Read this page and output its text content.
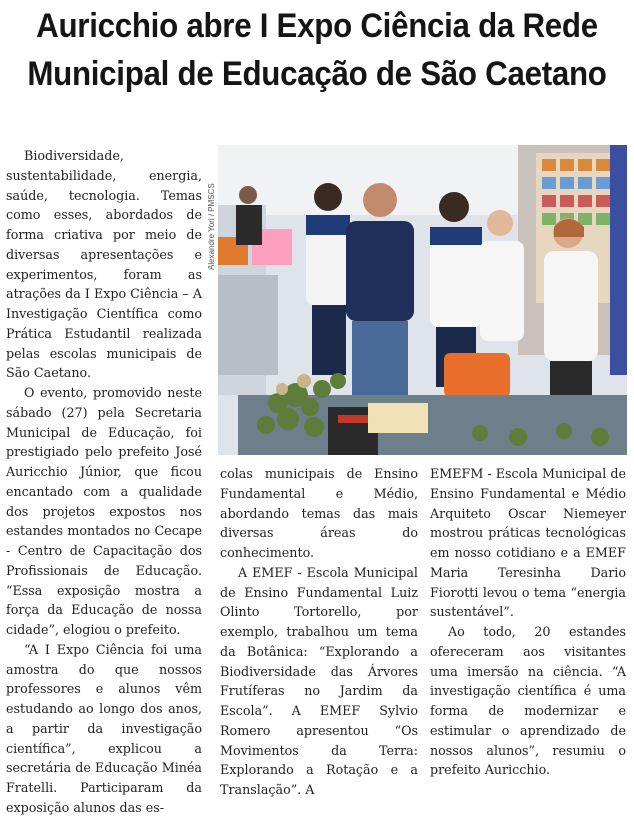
Auricchio abre I Expo Ciência da Rede
Municipal de Educação de São Caetano
Alexandre Yori / PMSCS

Biodiversidade, sustentabilidade, energia, saúde, tecnologia. Temas como esses, abordados de forma criativa por meio de diversas apresentações e experimentos, foram as atrações da I Expo Ciência – A Investigação Científica como Prática Estudantil realizada pelas escolas municipais de São Caetano.

O evento, promovido neste sábado (27) pela Secretaria Municipal de Educação, foi prestigiado pelo prefeito José Auricchio Júnior, que ficou encantado com a qualidade dos projetos expostos nos estandes montados no Cecape - Centro de Capacitação dos Profissionais de Educação. “Essa exposição mostra a força da Educação de nossa cidade”, elogiou o prefeito.

“A I Expo Ciência foi uma amostra do que nossos professores e alunos vêm estudando ao longo dos anos, a partir da investigação científica”, explicou a secretária de Educação Minéa Fratelli. Participaram da exposição alunos das es-

colas municipais de Ensino Fundamental e Médio, abordando temas das mais diversas áreas do conhecimento.

A EMEF - Escola Municipal de Ensino Fundamental Luiz Olinto Tortorello, por exemplo, trabalhou um tema da Botânica: “Explorando a Biodiversidade das Árvores Frutíferas no Jardim da Escola”. A EMEF Sylvio Romero apresentou “Os Movimentos da Terra: Explorando a Rotação e a Translação”. A

EMEFM - Escola Municipal de Ensino Fundamental e Médio Arquiteto Oscar Niemeyer mostrou práticas tecnológicas em nosso cotidiano e a EMEF Maria Teresinha Dario Fiorotti levou o tema “energia sustentável”.

Ao todo, 20 estandes ofereceram aos visitantes uma imersão na ciência. “A investigação científica é uma forma de modernizar e estimular o aprendizado de nossos alunos”, resumiu o prefeito Auricchio.
